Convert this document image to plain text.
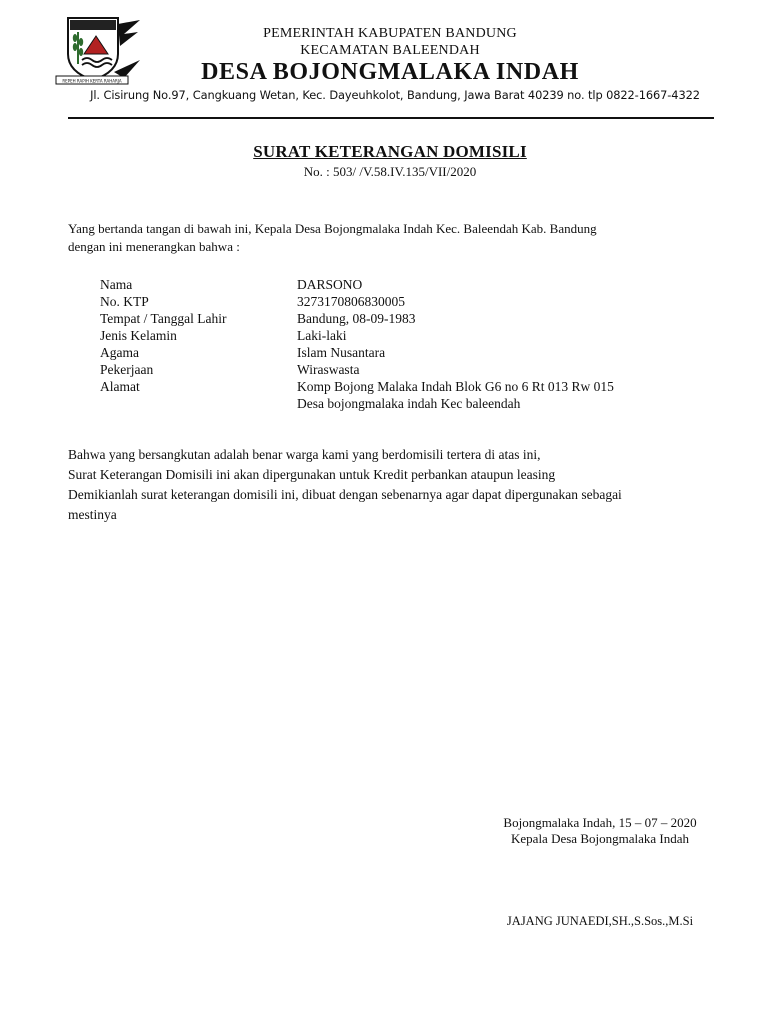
REPEH RAPIH KERTA RAHARJA
PEMERINTAH KABUPATEN BANDUNG
KECAMATAN BALEENDAH
DESA BOJONGMALAKA INDAH
Jl. Cisirung No.97, Cangkuang Wetan, Kec. Dayeuhkolot, Bandung, Jawa Barat 40239 no. tlp 0822-1667-4322
SURAT KETERANGAN DOMISILI
No. : 503/ /V.58.IV.135/VII/2020
Yang bertanda tangan di bawah ini, Kepala Desa Bojongmalaka Indah Kec. Baleendah Kab. Bandung
dengan ini menerangkan bahwa :
Nama	DARSONO
No. KTP	3273170806830005
Tempat / Tanggal Lahir	Bandung, 08-09-1983
Jenis Kelamin	Laki-laki
Agama	Islam Nusantara
Pekerjaan	Wiraswasta
Alamat	Komp Bojong Malaka Indah Blok G6 no 6 Rt 013 Rw 015
Desa bojongmalaka indah Kec baleendah
Bahwa yang bersangkutan adalah benar warga kami yang berdomisili tertera di atas ini,
Surat Keterangan Domisili ini akan dipergunakan untuk Kredit perbankan ataupun leasing
Demikianlah surat keterangan domisili ini, dibuat dengan sebenarnya agar dapat dipergunakan sebagai
mestinya
Bojongmalaka Indah, 15 – 07 – 2020
Kepala Desa Bojongmalaka Indah
JAJANG JUNAEDI,SH.,S.Sos.,M.Si
